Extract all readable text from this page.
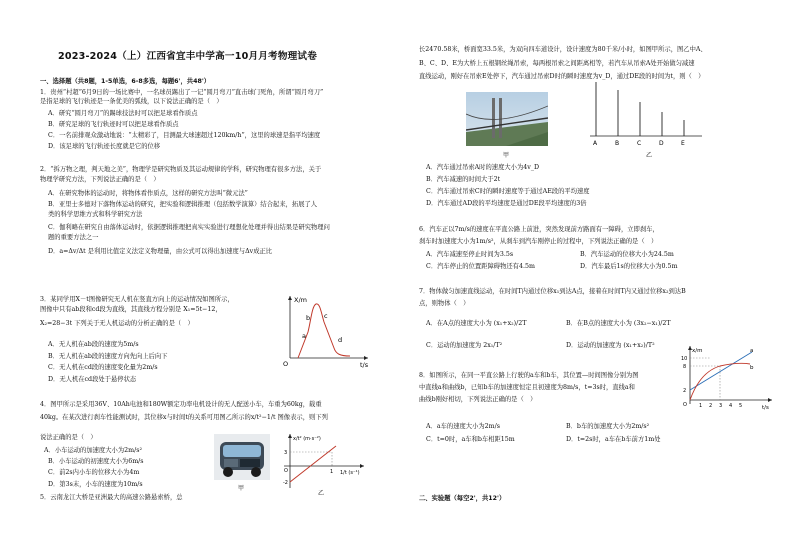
2023-2024（上）江西省宜丰中学高一10月月考物理试卷
一、选择题（共8题，1-5单选，6-8多选，每题6'，共48'）
1．贵州“村超”6月9日的一场比赛中，一名球员踢出了一记“圆月弯刀”直击球门死角，所谓“圆月弯刀”
是指足球的飞行轨迹是一条优美的弧线，以下说法正确的是（　）
A．研究“圆月弯刀”的踢球技法时可以把足球看作质点
B．研究足球的飞行轨迹时可以把足球看作质点
C．一名前排观众激动地说：“太精彩了，目测最大球速超过120km/h”，这里的球速是指平均速度
D．该足球的飞行轨迹长度就是它的位移
2．“拆万物之理，判天地之美”，物理学是研究物质及其运动规律的学科，研究物理有很多方法，关于
物理学研究方法，下列说法正确的是（　）
A．在研究物体的运动时，将物体看作质点，这样的研究方法叫“微元法”
B．亚里士多德对下落物体运动的研究，把实验和逻辑推理（包括数学演算）结合起来，拓展了人
类的科学思维方式和科学研究方法
C．伽利略在研究自由落体运动时，依据逻辑推理把真实实验进行理想化处理并得出结果是研究物理问
题的重要方法之一
D．a=Δv/Δt 是利用比值定义法定义物理量，由公式可以得出加速度与Δv成正比
3．某同学用X－t图像研究无人机在竖直方向上的运动情况如图所示，
图像中只有ab段和cd段为直线，其直线方程分别是 X₁=5t−12，
X₂=28−3t 下列关于无人机运动的分析正确的是（　）
A．无人机在ab段的速度为5m/s
B．无人机在ab段的速度方向先向上后向下
C．无人机在cd段的速度变化量为2m/s
D．无人机在cd段处于悬停状态
X/m
t/s
O
a
b c
d
4．图甲所示是采用36V、10Ah电池和180W额定功率电机设计的无人配送小车，车重为60kg，载重
40kg。在某次进行刹车性能测试时，其位移x与时间t的关系可用图乙所示的x/t²−1/t 图像表示，则下列
说法正确的是（　）
A．小车运动的加速度大小为2m/s²
B．小车运动的初速度大小为6m/s
C．前2s内小车的位移大小为4m
D．第3s末，小车的速度为10m/s
甲
x/t² (m·s⁻²)
1/t (s⁻¹)
3
-2
O	1
乙
5．云南龙江大桥是亚洲最大的高速公路悬索桥，总
长2470.58米，桥面宽33.5米，为双向四车道设计，设计速度为80千米/小时，如图甲所示，图乙中A、
B、C、D、E为大桥上五根钢丝绳吊索，每两根吊索之间距离相等，若汽车从吊索A处开始做匀减速
直线运动，刚好在吊索E处停下，汽车通过吊索D时的瞬时速度为v_D，通过DE段的时间为t，则（　）
甲
A	B	C	D	E
乙
A．汽车通过吊索A时的速度大小为4v_D
B．汽车减速的时间大于2t
C．汽车通过吊索C时的瞬时速度等于通过AE段的平均速度
D．汽车通过AD段的平均速度是通过DE段平均速度的3倍
6．汽车正以7m/s的速度在平直公路上前进，突然发现前方路面有一障碍，立即刹车，
刹车时加速度大小为1m/s²，从刹车到汽车刚停止的过程中，下列说法正确的是（　）
A．汽车减速至停止时间为3.5s	B．汽车运动的位移大小为24.5m
C．汽车停止的位置距障碍物还有4.5m	D．汽车最后1s的位移大小为0.5m
7．物体做匀加速直线运动，在时间T内通过位移x₁到达A点，接着在时间T内又通过位移x₂到达B
点，则物体（　）
A．在A点的速度大小为 (x₁+x₂)/2T	B．在B点的速度大小为 (3x₂−x₁)/2T
C．运动的加速度为 2x₁/T²	D．运动的加速度为 (x₁+x₂)/T²
8．如图所示，在同一平直公路上行驶的a车和b车，其位置—时间图像分别为图
中直线a和曲线b，已知b车的加速度恒定且初速度为8m/s，t=3s时，直线a和
曲线b刚好相切，下列说法正确的是（　）
A．a车的速度大小为2m/s	B．b车的加速度大小为2m/s²
C．t=0时，a车和b车相距15m	D．t=2s时，a车在b车前方1m处
x/m
t/s
10
8
2
O 1 2 3 4 5
a
b
二、实验题（每空2'，共12'）
